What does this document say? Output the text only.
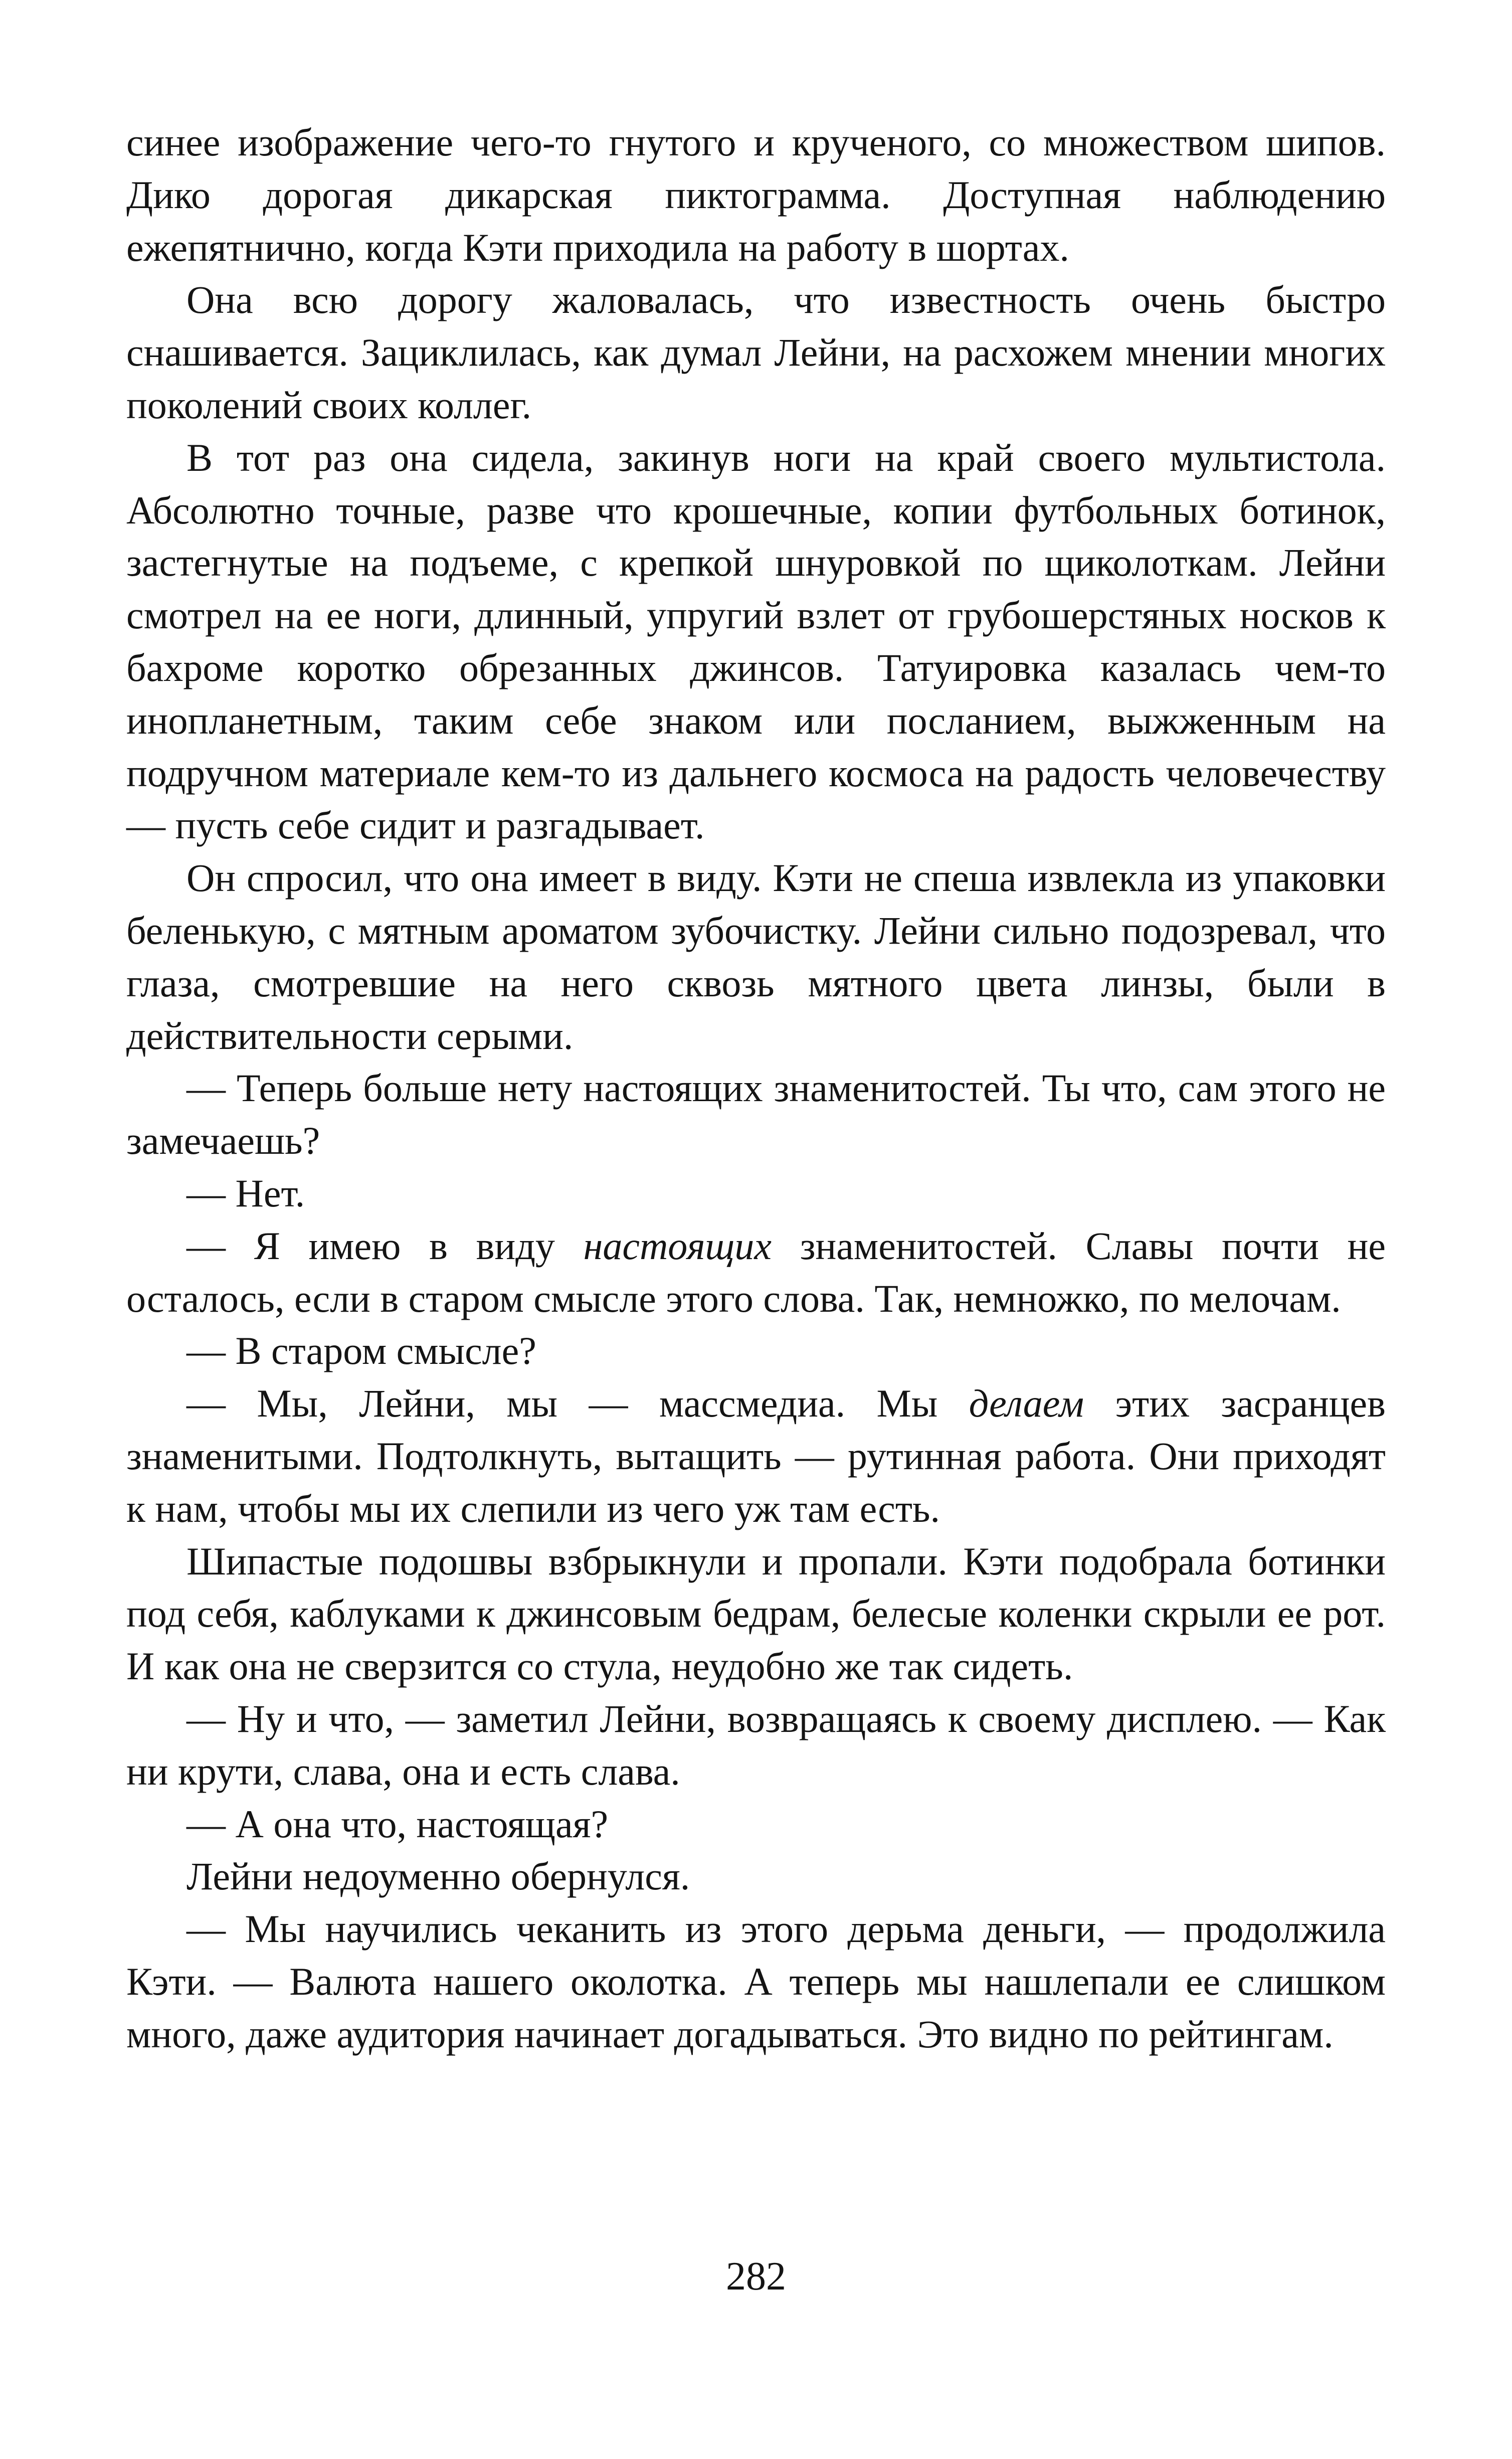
синее изображение чего-то гнутого и крученого, со множеством шипов. Дико дорогая дикарская пиктограмма. Доступная наблюдению ежепятнично, когда Кэти приходила на работу в шортах.

Она всю дорогу жаловалась, что известность очень быстро снашивается. Зациклилась, как думал Лейни, на расхожем мнении многих поколений своих коллег.

В тот раз она сидела, закинув ноги на край своего мультистола. Абсолютно точные, разве что крошечные, копии футбольных ботинок, застегнутые на подъеме, с крепкой шнуровкой по щиколоткам. Лейни смотрел на ее ноги, длинный, упругий взлет от грубошерстяных носков к бахроме коротко обрезанных джинсов. Татуировка казалась чем-то инопланетным, таким себе знаком или посланием, выжженным на подручном материале кем-то из дальнего космоса на радость человечеству — пусть себе сидит и разгадывает.

Он спросил, что она имеет в виду. Кэти не спеша извлекла из упаковки беленькую, с мятным ароматом зубочистку. Лейни сильно подозревал, что глаза, смотревшие на него сквозь мятного цвета линзы, были в действительности серыми.

— Теперь больше нету настоящих знаменитостей. Ты что, сам этого не замечаешь?

— Нет.

— Я имею в виду настоящих знаменитостей. Славы почти не осталось, если в старом смысле этого слова. Так, немножко, по мелочам.

— В старом смысле?

— Мы, Лейни, мы — массмедиа. Мы делаем этих засранцев знаменитыми. Подтолкнуть, вытащить — рутинная работа. Они приходят к нам, чтобы мы их слепили из чего уж там есть.

Шипастые подошвы взбрыкнули и пропали. Кэти подобрала ботинки под себя, каблуками к джинсовым бедрам, белесые коленки скрыли ее рот. И как она не сверзится со стула, неудобно же так сидеть.

— Ну и что, — заметил Лейни, возвращаясь к своему дисплею. — Как ни крути, слава, она и есть слава.

— А она что, настоящая?

Лейни недоуменно обернулся.

— Мы научились чеканить из этого дерьма деньги, — продолжила Кэти. — Валюта нашего околотка. А теперь мы нашлепали ее слишком много, даже аудитория начинает догадываться. Это видно по рейтингам.

282
